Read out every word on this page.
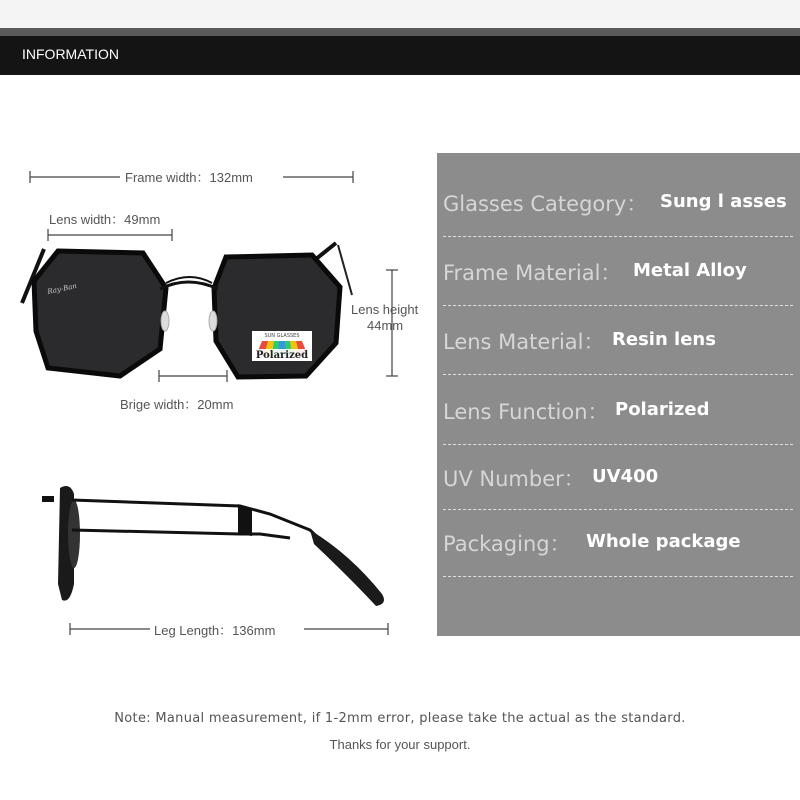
INFORMATION
Ray-Ban
SUN GLASSES
Polarized
Frame width：132mm
Lens width：49mm
Lens height
44mm
Brige width：20mm
Leg Length：136mm
Glasses Category： Sung l asses
Frame Material： Metal Alloy
Lens Material： Resin lens
Lens Function： Polarized
UV Number： UV400
Packaging： Whole package
Note: Manual measurement, if 1-2mm error, please take the actual as the standard.
Thanks for your support.
